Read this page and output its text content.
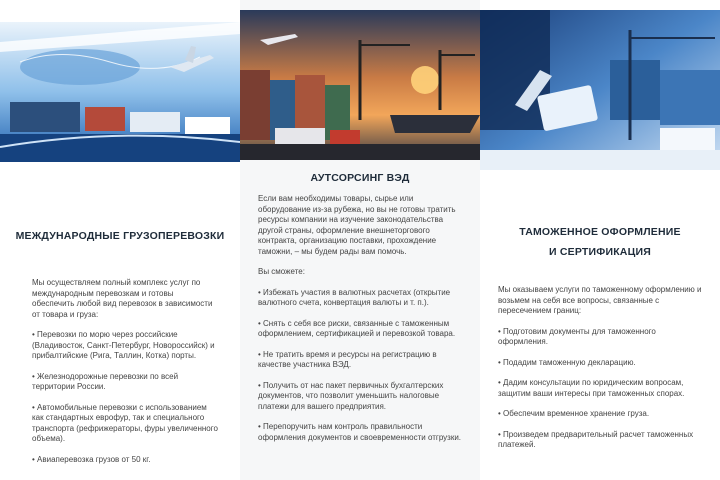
МЕЖДУНАРОДНЫЕ ГРУЗОПЕРЕВОЗКИ

Мы осуществляем полный комплекс услуг по международным перевозкам и готовы обеспечить любой вид перевозок в зависимости от товара и груза:

• Перевозки по морю через российские (Владивосток, Санкт-Петербург, Новороссийск) и прибалтийские (Рига, Таллин, Котка) порты.

• Железнодорожные перевозки по всей территории России.

• Автомобильные перевозки с использованием как стандартных еврофур, так и специального транспорта (рефрижераторы, фуры увеличенного объема).

• Авиаперевозка грузов от 50 кг.

АУТСОРСИНГ ВЭД

Если вам необходимы товары, сырье или оборудование из-за рубежа, но вы не готовы тратить ресурсы компании на изучение законодательства другой страны, оформление внешнеторгового контракта, организацию поставки, прохождение таможни, – мы будем рады вам помочь.

Вы сможете:

• Избежать участия в валютных расчетах (открытие валютного счета, конвертация валюты и т. п.).

• Снять с себя все риски, связанные с таможенным оформлением, сертификацией и перевозкой товара.

• Не тратить время и ресурсы на регистрацию в качестве участника ВЭД.

• Получить от нас пакет первичных бухгалтерских документов, что позволит уменьшить налоговые платежи для вашего предприятия.

• Перепоручить нам контроль правильности оформления документов и своевременности отгрузки.

ТАМОЖЕННОЕ ОФОРМЛЕНИЕ
И СЕРТИФИКАЦИЯ

Мы оказываем услуги по таможенному оформлению и возьмем на себя все вопросы, связанные с пересечением границ:

• Подготовим документы для таможенного оформления.

• Подадим таможенную декларацию.

• Дадим консультации по юридическим вопросам, защитим ваши интересы при таможенных спорах.

• Обеспечим временное хранение груза.

• Произведем предварительный расчет таможенных платежей.
